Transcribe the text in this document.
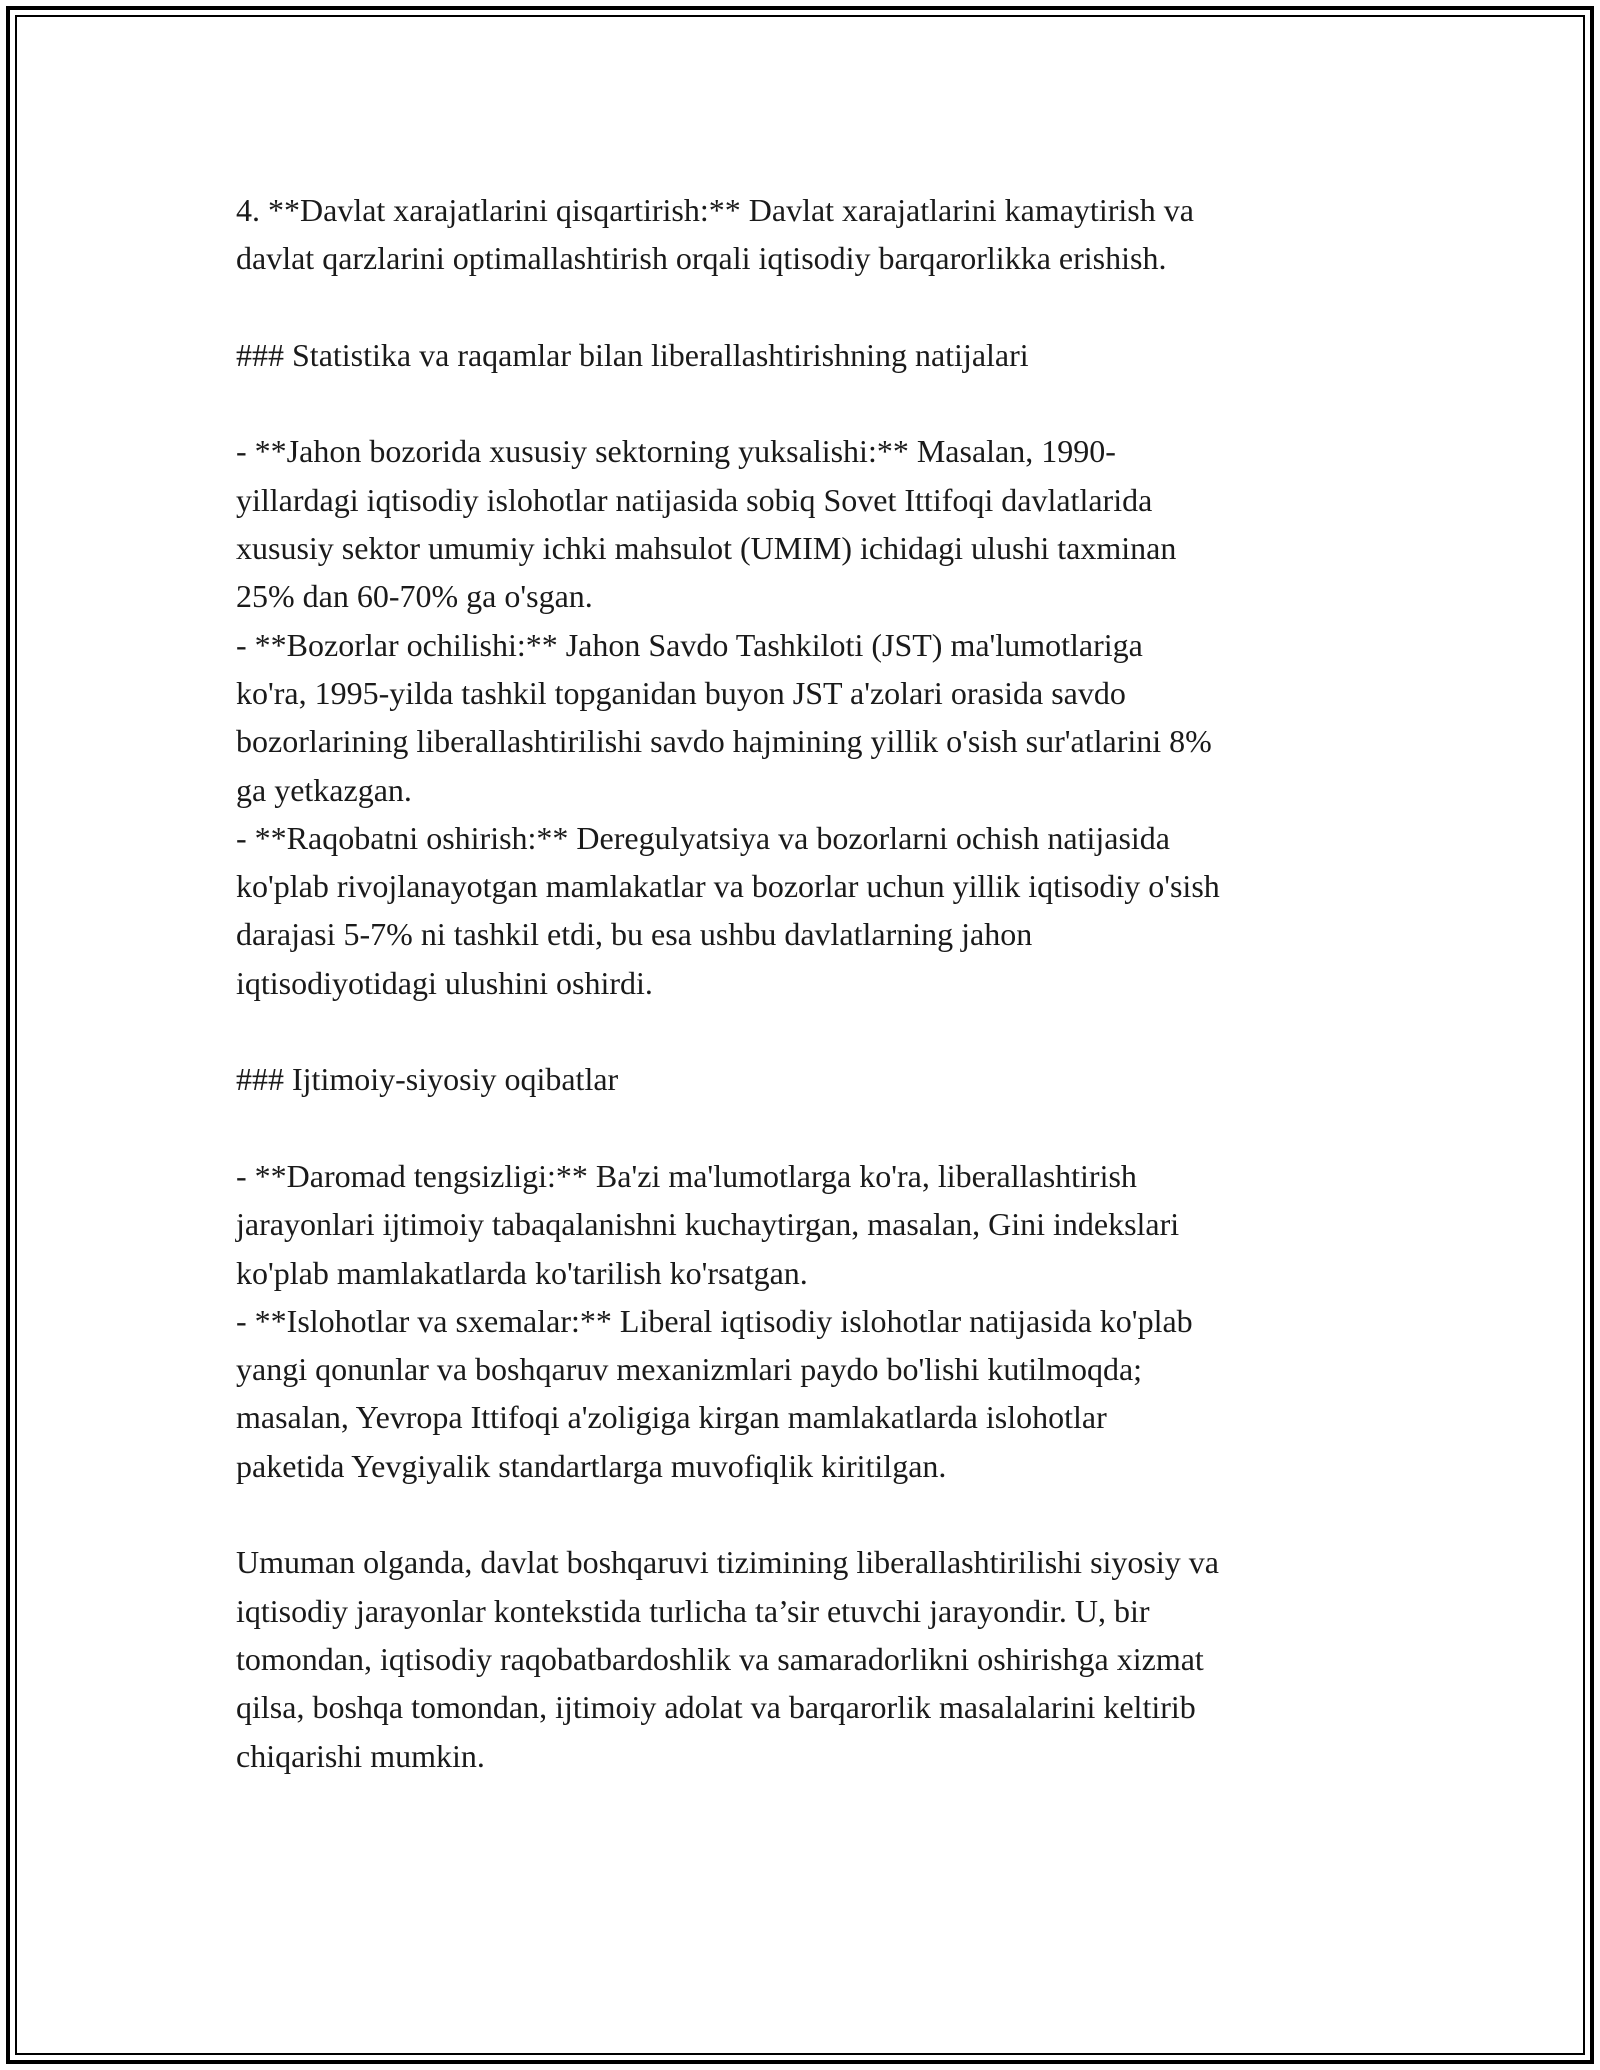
4. **Davlat xarajatlarini qisqartirish:** Davlat xarajatlarini kamaytirish va
davlat qarzlarini optimallashtirish orqali iqtisodiy barqarorlikka erishish.

### Statistika va raqamlar bilan liberallashtirishning natijalari

- **Jahon bozorida xususiy sektorning yuksalishi:** Masalan, 1990-
yillardagi iqtisodiy islohotlar natijasida sobiq Sovet Ittifoqi davlatlarida
xususiy sektor umumiy ichki mahsulot (UMIM) ichidagi ulushi taxminan
25% dan 60-70% ga o'sgan.

- **Bozorlar ochilishi:** Jahon Savdo Tashkiloti (JST) ma'lumotlariga
ko'ra, 1995-yilda tashkil topganidan buyon JST a'zolari orasida savdo
bozorlarining liberallashtirilishi savdo hajmining yillik o'sish sur'atlarini 8%
ga yetkazgan.

- **Raqobatni oshirish:** Deregulyatsiya va bozorlarni ochish natijasida
ko'plab rivojlanayotgan mamlakatlar va bozorlar uchun yillik iqtisodiy o'sish
darajasi 5-7% ni tashkil etdi, bu esa ushbu davlatlarning jahon
iqtisodiyotidagi ulushini oshirdi.

### Ijtimoiy-siyosiy oqibatlar

- **Daromad tengsizligi:** Ba'zi ma'lumotlarga ko'ra, liberallashtirish
jarayonlari ijtimoiy tabaqalanishni kuchaytirgan, masalan, Gini indekslari
ko'plab mamlakatlarda ko'tarilish ko'rsatgan.

- **Islohotlar va sxemalar:** Liberal iqtisodiy islohotlar natijasida ko'plab
yangi qonunlar va boshqaruv mexanizmlari paydo bo'lishi kutilmoqda;
masalan, Yevropa Ittifoqi a'zoligiga kirgan mamlakatlarda islohotlar
paketida Yevgiyalik standartlarga muvofiqlik kiritilgan.

Umuman olganda, davlat boshqaruvi tizimining liberallashtirilishi siyosiy va
iqtisodiy jarayonlar kontekstida turlicha ta’sir etuvchi jarayondir. U, bir
tomondan, iqtisodiy raqobatbardoshlik va samaradorlikni oshirishga xizmat
qilsa, boshqa tomondan, ijtimoiy adolat va barqarorlik masalalarini keltirib
chiqarishi mumkin.
